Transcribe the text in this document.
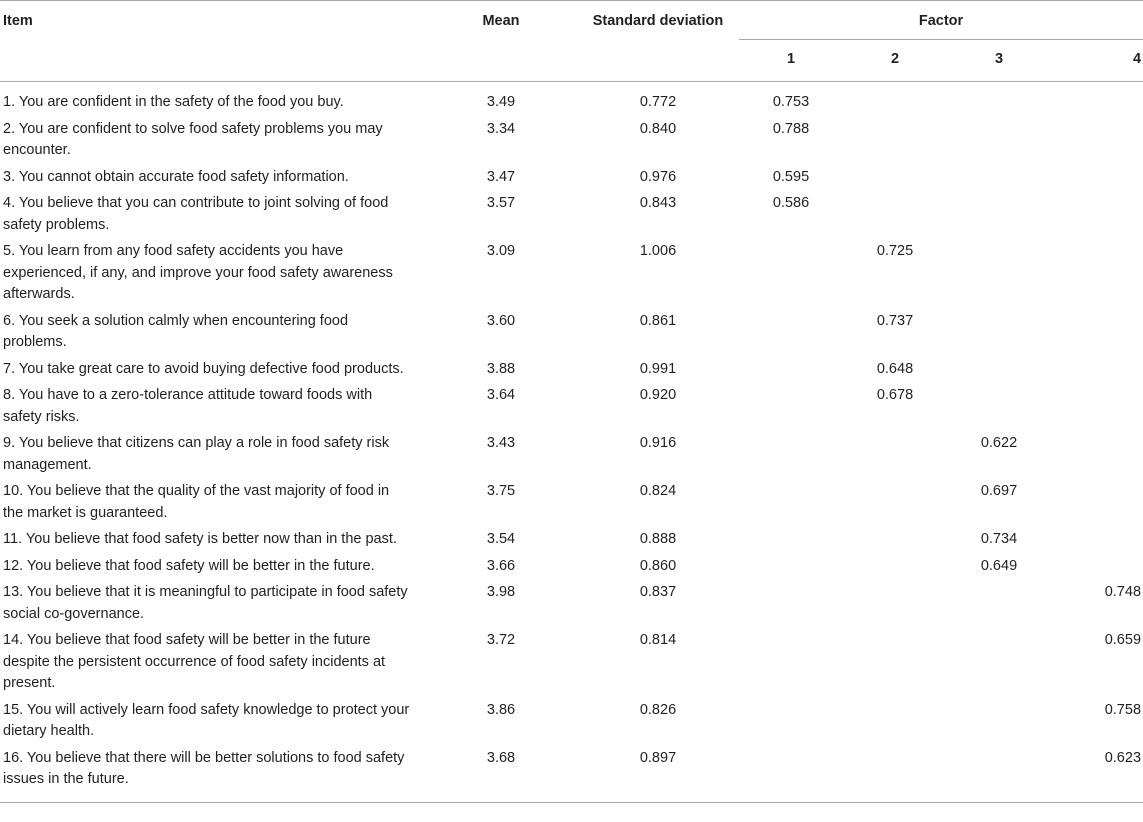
Item	Mean	Standard deviation	Factor			
			1	2	3	4
1. You are confident in the safety of the food you buy.	3.49	0.772	0.753			
2. You are confident to solve food safety problems you may encounter.	3.34	0.840	0.788			
3. You cannot obtain accurate food safety information.	3.47	0.976	0.595			
4. You believe that you can contribute to joint solving of food safety problems.	3.57	0.843	0.586			
5. You learn from any food safety accidents you have experienced, if any, and improve your food safety awareness afterwards.	3.09	1.006		0.725		
6. You seek a solution calmly when encountering food problems.	3.60	0.861		0.737		
7. You take great care to avoid buying defective food products.	3.88	0.991		0.648		
8. You have to a zero-tolerance attitude toward foods with safety risks.	3.64	0.920		0.678		
9. You believe that citizens can play a role in food safety risk management.	3.43	0.916			0.622	
10. You believe that the quality of the vast majority of food in the market is guaranteed.	3.75	0.824			0.697	
11. You believe that food safety is better now than in the past.	3.54	0.888			0.734	
12. You believe that food safety will be better in the future.	3.66	0.860			0.649	
13. You believe that it is meaningful to participate in food safety social co-governance.	3.98	0.837				0.748
14. You believe that food safety will be better in the future despite the persistent occurrence of food safety incidents at present.	3.72	0.814				0.659
15. You will actively learn food safety knowledge to protect your dietary health.	3.86	0.826				0.758
16. You believe that there will be better solutions to food safety issues in the future.	3.68	0.897				0.623
